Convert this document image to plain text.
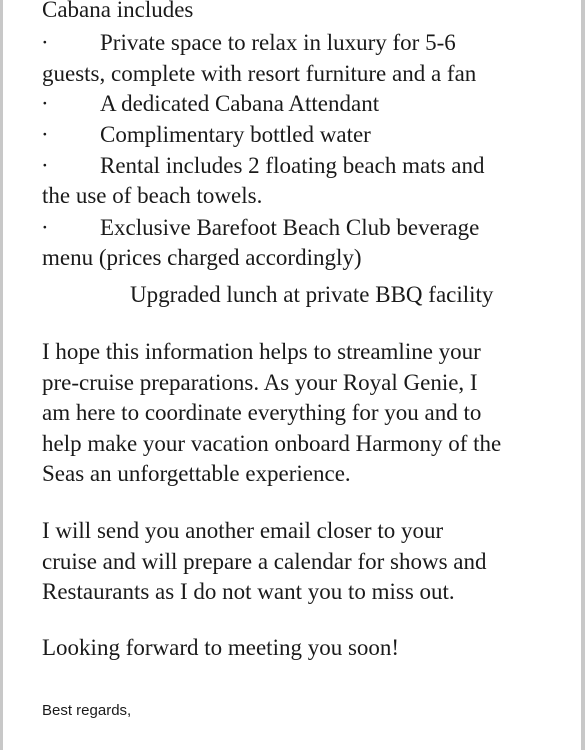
Cabana includes
·	Private space to relax in luxury for 5-6
guests, complete with resort furniture and a fan
·	A dedicated Cabana Attendant
·	Complimentary bottled water
·	Rental includes 2 floating beach mats and
the use of beach towels.
·	Exclusive Barefoot Beach Club beverage
menu (prices charged accordingly)
Upgraded lunch at private BBQ facility
I hope this information helps to streamline your
pre-cruise preparations. As your Royal Genie, I
am here to coordinate everything for you and to
help make your vacation onboard Harmony of the
Seas an unforgettable experience.
I will send you another email closer to your
cruise and will prepare a calendar for shows and
Restaurants as I do not want you to miss out.
Looking forward to meeting you soon!
Best regards,
